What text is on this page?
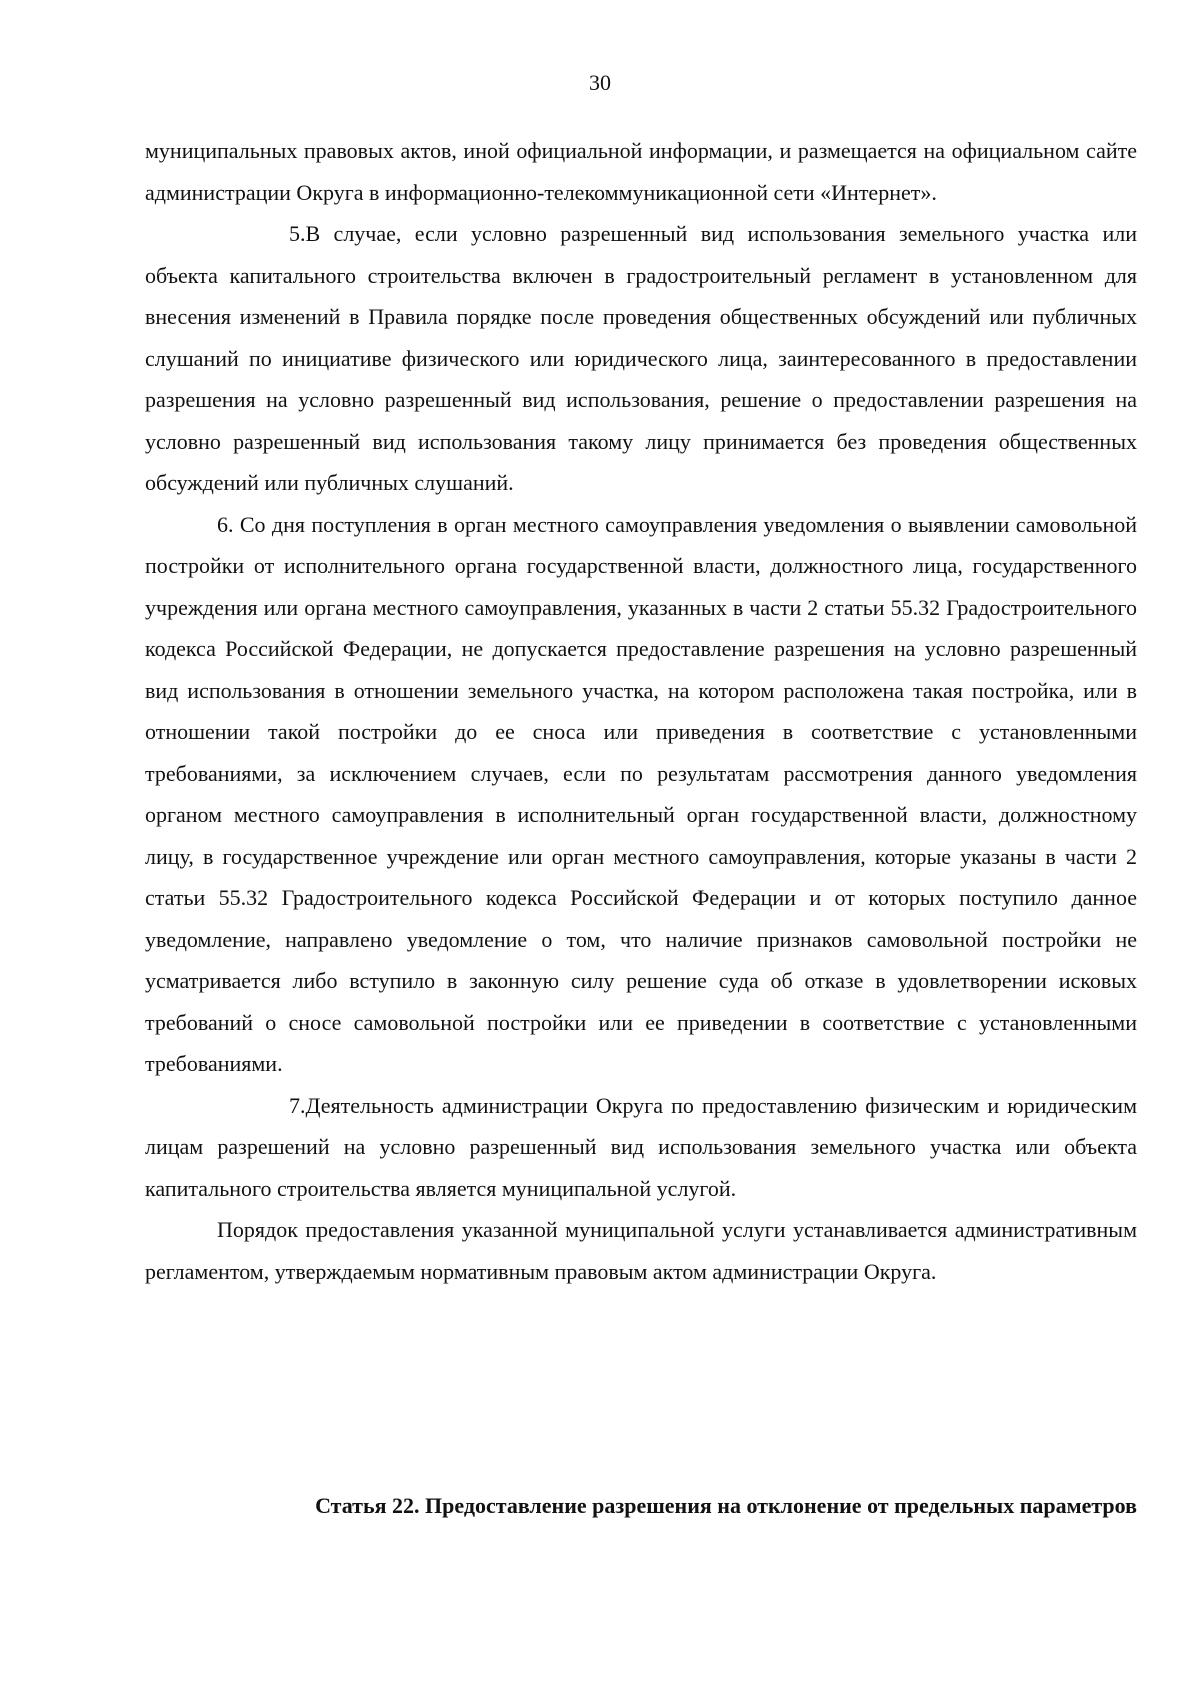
30

муниципальных правовых актов, иной официальной информации, и размещается на официальном сайте администрации Округа в информационно-телекоммуникационной сети «Интернет».

5.В случае, если условно разрешенный вид использования земельного участка или объекта капитального строительства включен в градостроительный регламент в установленном для внесения изменений в Правила порядке после проведения общественных обсуждений или публичных слушаний по инициативе физического или юридического лица, заинтересованного в предоставлении разрешения на условно разрешенный вид использования, решение о предоставлении разрешения на условно разрешенный вид использования такому лицу принимается без проведения общественных обсуждений или публичных слушаний.

6. Со дня поступления в орган местного самоуправления уведомления о выявлении самовольной постройки от исполнительного органа государственной власти, должностного лица, государственного учреждения или органа местного самоуправления, указанных в части 2 статьи 55.32 Градостроительного кодекса Российской Федерации, не допускается предоставление разрешения на условно разрешенный вид использования в отношении земельного участка, на котором расположена такая постройка, или в отношении такой постройки до ее сноса или приведения в соответствие с установленными требованиями, за исключением случаев, если по результатам рассмотрения данного уведомления органом местного самоуправления в исполнительный орган государственной власти, должностному лицу, в государственное учреждение или орган местного самоуправления, которые указаны в части 2 статьи 55.32 Градостроительного кодекса Российской Федерации и от которых поступило данное уведомление, направлено уведомление о том, что наличие признаков самовольной постройки не усматривается либо вступило в законную силу решение суда об отказе в удовлетворении исковых требований о сносе самовольной постройки или ее приведении в соответствие с установленными требованиями.

7.Деятельность администрации Округа по предоставлению физическим и юридическим лицам разрешений на условно разрешенный вид использования земельного участка или объекта капитального строительства является муниципальной услугой.

Порядок предоставления указанной муниципальной услуги устанавливается административным регламентом, утверждаемым нормативным правовым актом администрации Округа.

Статья 22. Предоставление разрешения на отклонение от предельных параметров
